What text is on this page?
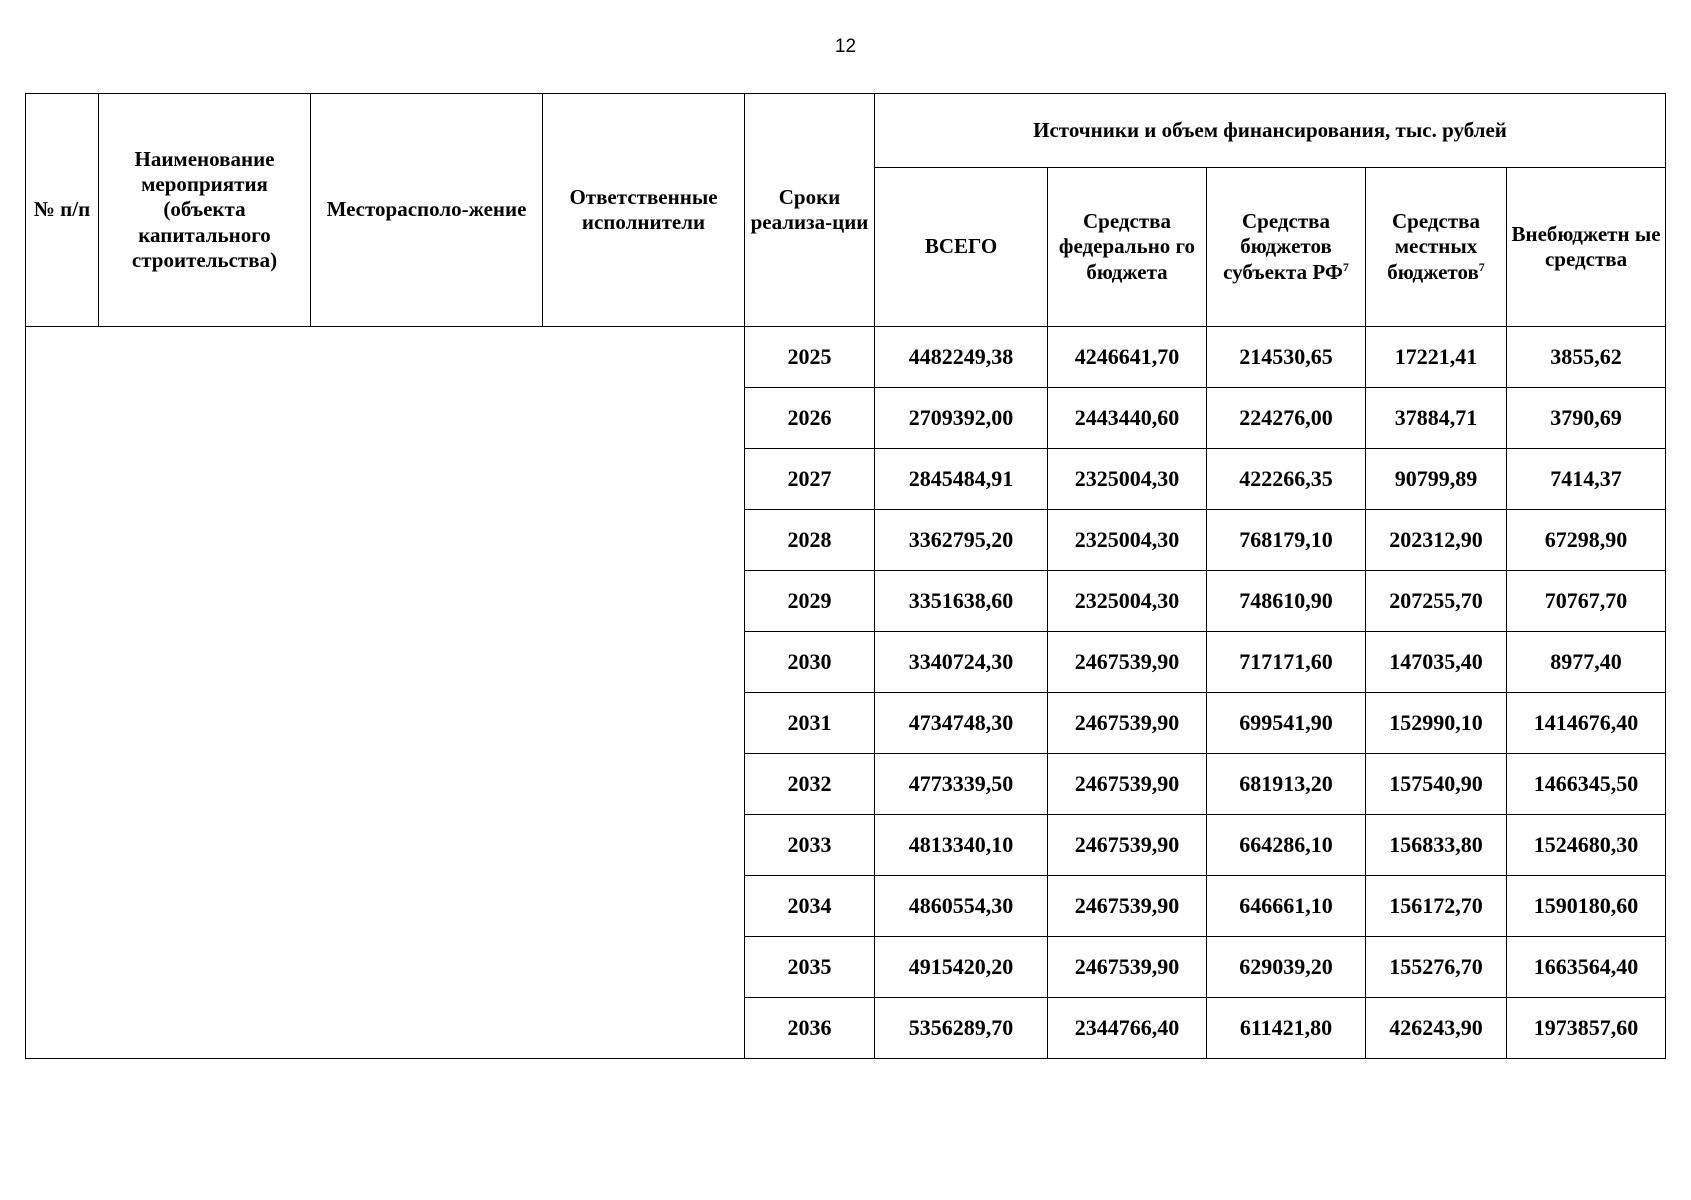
12
№ п/п	Наименование мероприятия (объекта капитального строительства)	Месторасполо-жение	Ответственные исполнители	Сроки реализа-ции	Источники и объем финансирования, тыс. рублей				
					ВСЕГО	Средства федерально го бюджета	Средства бюджетов субъекта $РФ^7$	Средства местных бюджетов$^7$	Внебюджетн ые средства
				2025	4482249,38	4246641,70	214530,65	17221,41	3855,62
				2026	2709392,00	2443440,60	224276,00	37884,71	3790,69
				2027	2845484,91	2325004,30	422266,35	90799,89	7414,37
				2028	3362795,20	2325004,30	768179,10	202312,90	67298,90
				2029	3351638,60	2325004,30	748610,90	207255,70	70767,70
				2030	3340724,30	2467539,90	717171,60	147035,40	8977,40
				2031	4734748,30	2467539,90	699541,90	152990,10	1414676,40
				2032	4773339,50	2467539,90	681913,20	157540,90	1466345,50
				2033	4813340,10	2467539,90	664286,10	156833,80	1524680,30
				2034	4860554,30	2467539,90	646661,10	156172,70	1590180,60
				2035	4915420,20	2467539,90	629039,20	155276,70	1663564,40
				2036	5356289,70	2344766,40	611421,80	426243,90	1973857,60
